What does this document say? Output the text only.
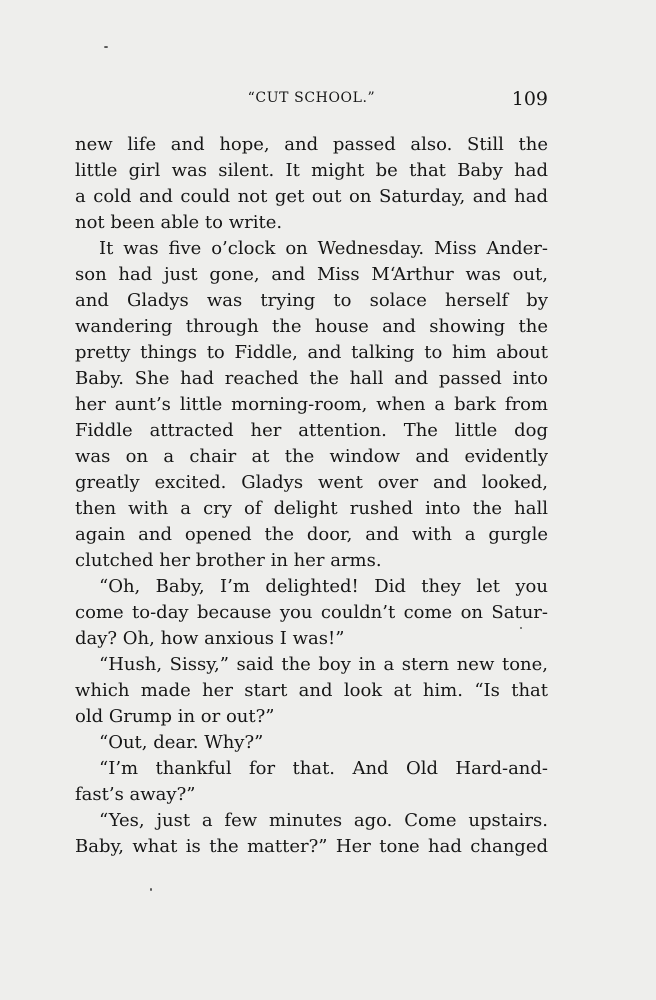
“CUT SCHOOL.”	109
new life and hope, and passed also. Still the
little girl was silent. It might be that Baby had
a cold and could not get out on Saturday, and had
not been able to write.
It was five o’clock on Wednesday. Miss Ander-
son had just gone, and Miss M‘Arthur was out,
and Gladys was trying to solace herself by
wandering through the house and showing the
pretty things to Fiddle, and talking to him about
Baby. She had reached the hall and passed into
her aunt’s little morning-room, when a bark from
Fiddle attracted her attention. The little dog
was on a chair at the window and evidently
greatly excited. Gladys went over and looked,
then with a cry of delight rushed into the hall
again and opened the door, and with a gurgle
clutched her brother in her arms.
“Oh, Baby, I’m delighted! Did they let you
come to-day because you couldn’t come on Satur-
day? Oh, how anxious I was!”
“Hush, Sissy,” said the boy in a stern new tone,
which made her start and look at him. “Is that
old Grump in or out?”
“Out, dear. Why?”
“I’m thankful for that. And Old Hard-and-
fast’s away?”
“Yes, just a few minutes ago. Come upstairs.
Baby, what is the matter?” Her tone had changed
